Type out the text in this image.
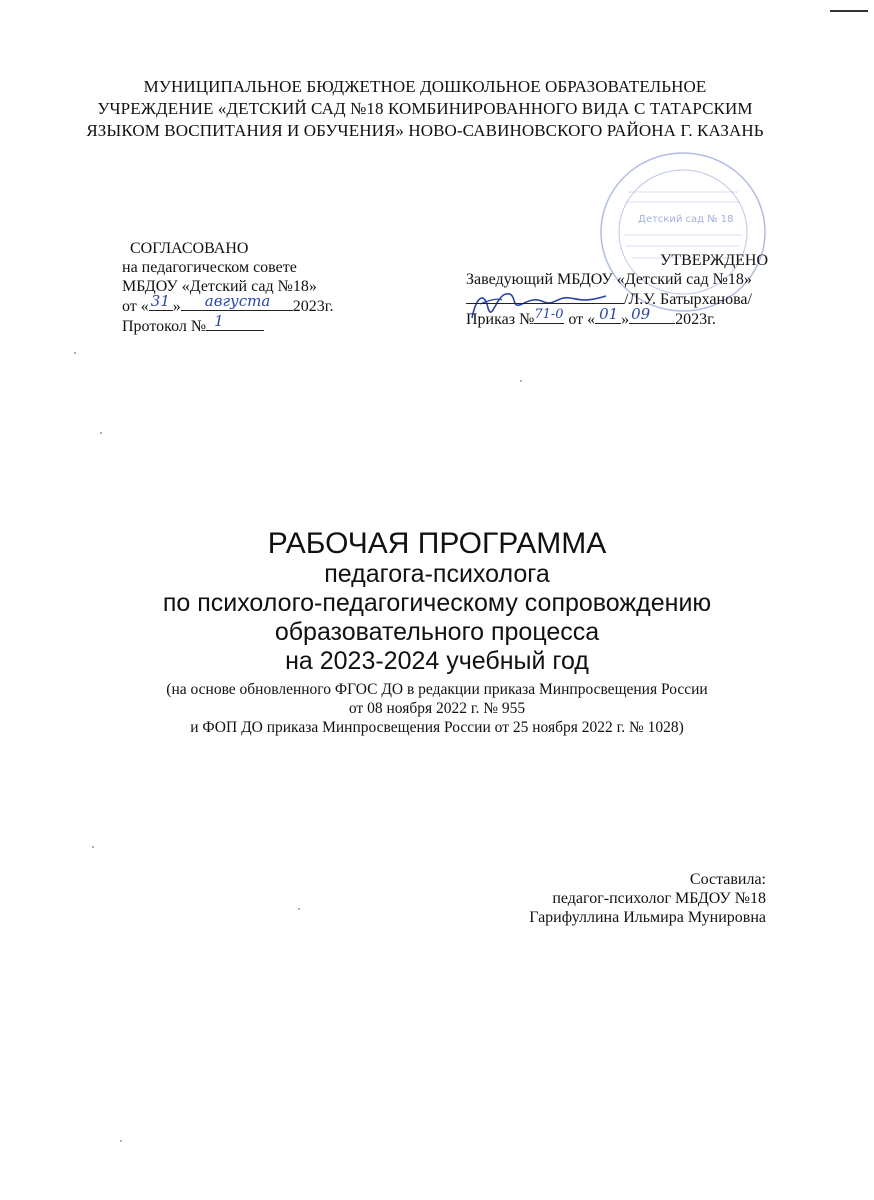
МУНИЦИПАЛЬНОЕ БЮДЖЕТНОЕ ДОШКОЛЬНОЕ ОБРАЗОВАТЕЛЬНОЕ
УЧРЕЖДЕНИЕ «ДЕТСКИЙ САД №18 КОМБИНИРОВАННОГО ВИДА С ТАТАРСКИМ
ЯЗЫКОМ ВОСПИТАНИЯ И ОБУЧЕНИЯ» НОВО-САВИНОВСКОГО РАЙОНА Г. КАЗАНЬ
Детский сад № 18
СОГЛАСОВАНО
на педагогическом совете
МБДОУ «Детский сад №18»
от « 31 » августа 2023г.
Протокол № 1
УТВЕРЖДЕНО
Заведующий МБДОУ «Детский сад №18»
/Л.У. Батырханова/
Приказ № 71-0 от « 01 » 09 2023г.
РАБОЧАЯ ПРОГРАММА
педагога-психолога
по психолого-педагогическому сопровождению
образовательного процесса
на 2023-2024 учебный год
(на основе обновленного ФГОС ДО в редакции приказа Минпросвещения России
от 08 ноября 2022 г. № 955
и ФОП ДО приказа Минпросвещения России от 25 ноября 2022 г. № 1028)
Составила:
педагог-психолог МБДОУ №18
Гарифуллина Ильмира Мунировна
